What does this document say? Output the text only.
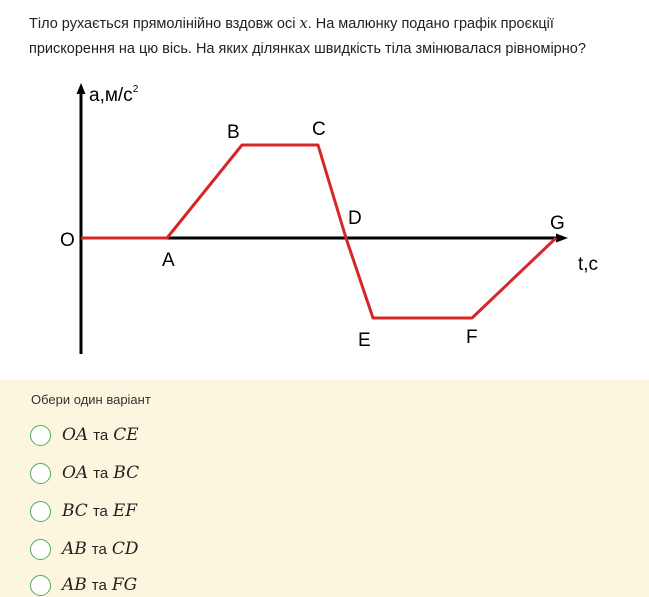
Тіло рухається прямолінійно вздовж осі x. На малюнку подано графік проєкції прискорення на цю вісь. На яких ділянках швидкість тіла змінювалася рівномірно?
$a,м/с^2$
t,с
O
A
B	C
D
E	F
G
Обери один варіант
OA та CE
OA та BC
BC та EF
AB та CD
AB та FG
